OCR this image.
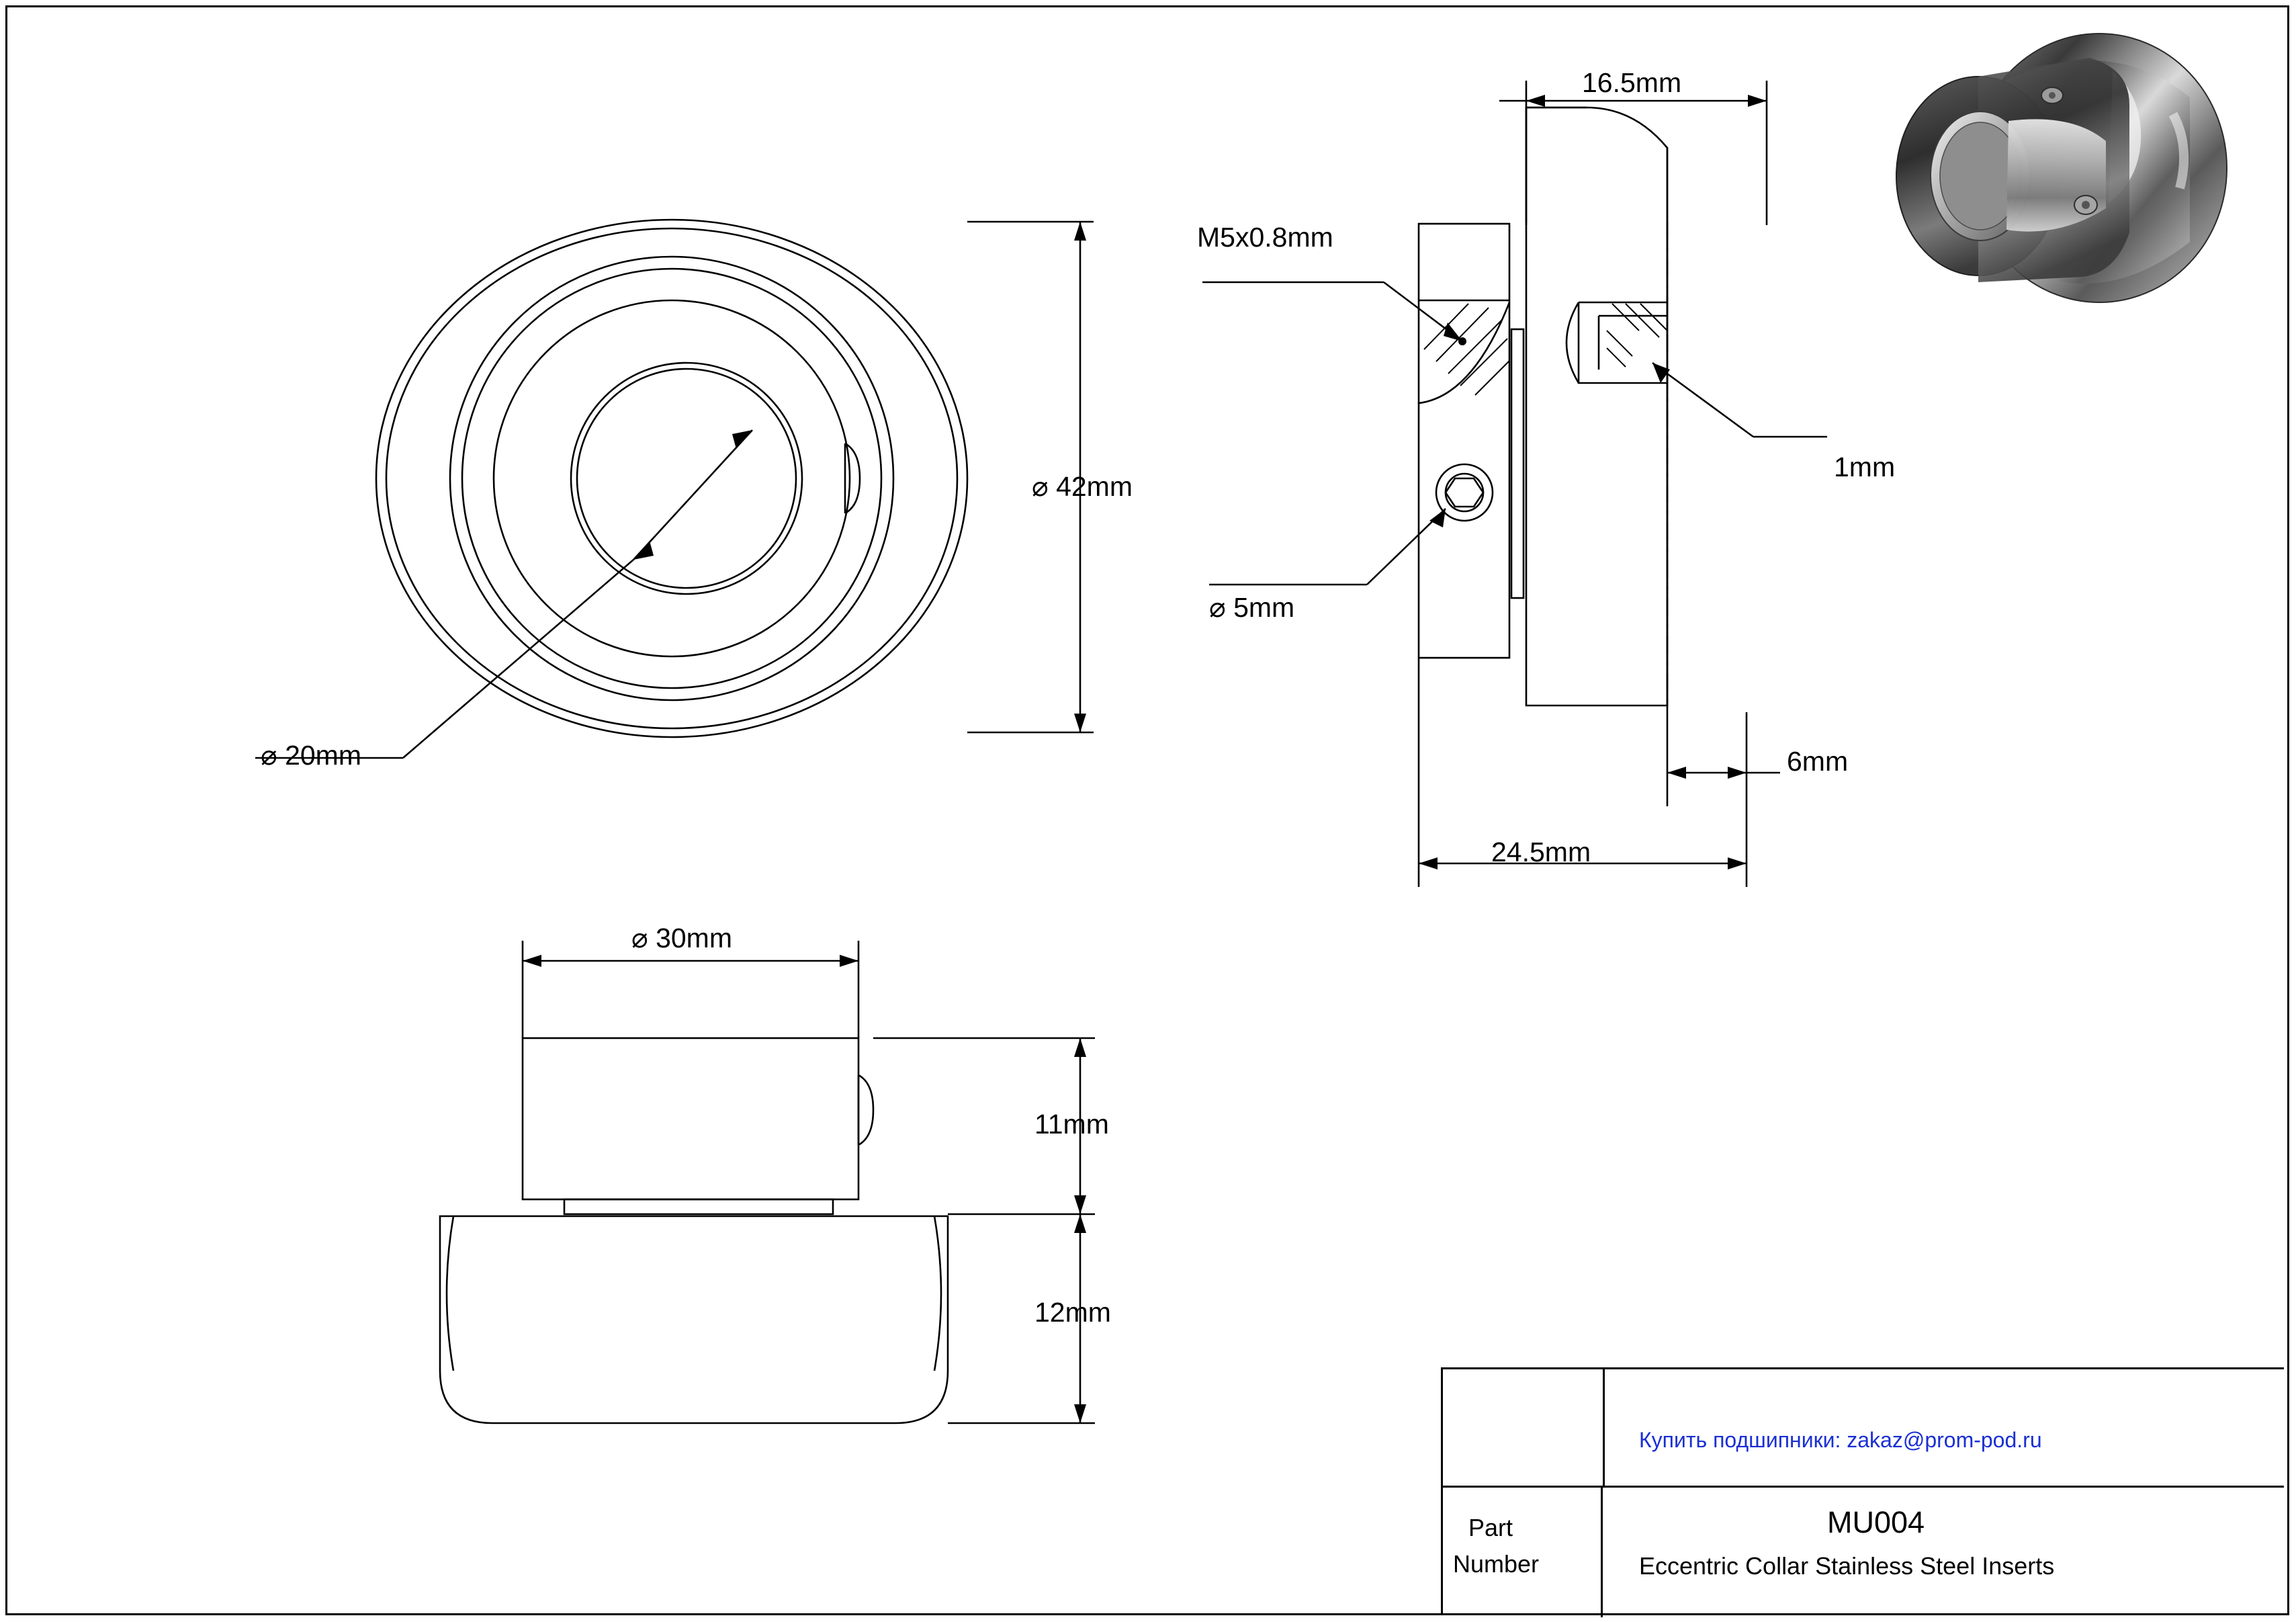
⌀ 42mm
⌀ 20mm
16.5mm
M5x0.8mm
⌀ 5mm
1mm
6mm
24.5mm
⌀ 30mm
11mm
12mm
Купить подшипники: zakaz@prom-pod.ru
Part
Number
MU004
Eccentric Collar Stainless Steel Inserts
